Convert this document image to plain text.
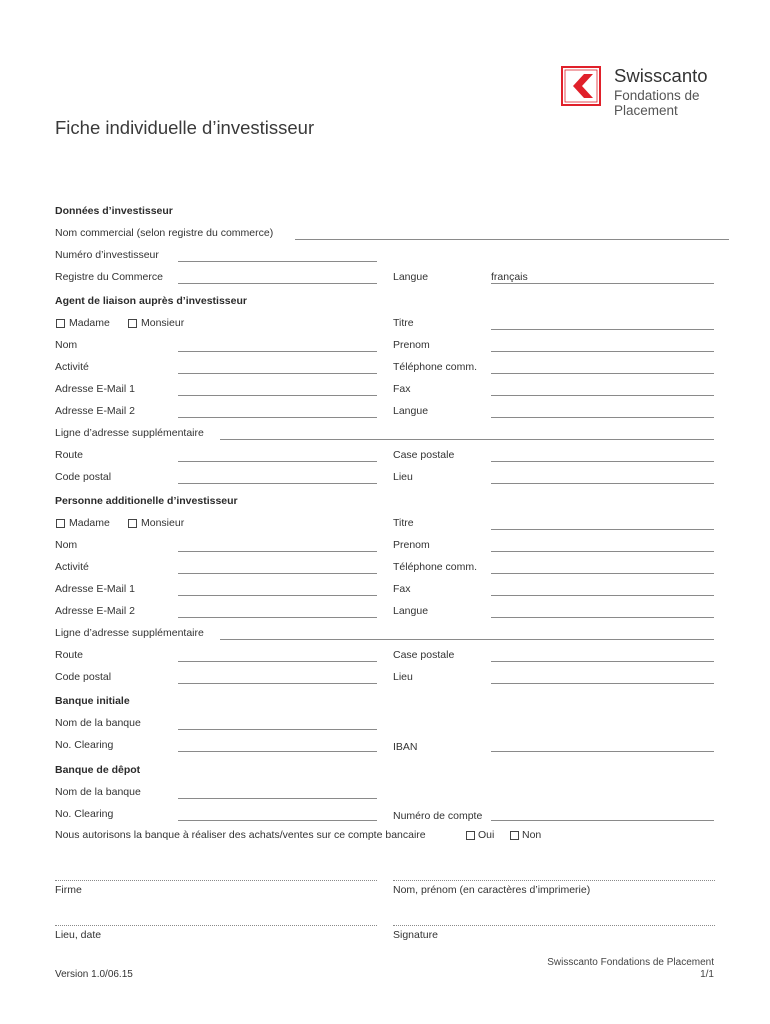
Swisscanto
Fondations de
Placement
Fiche individuelle d’investisseur
Données d’investisseur
Nom commercial (selon registre du commerce)
Numéro d’investisseur
Registre du Commerce	Langue	français
Agent de liaison auprès d’investisseur
Madame	Monsieur	Titre
Nom	Prenom
Activité	Téléphone comm.
Adresse E-Mail 1	Fax
Adresse E-Mail 2	Langue
Ligne d’adresse supplémentaire
Route	Case postale
Code postal	Lieu
Personne additionelle d’investisseur
Madame	Monsieur	Titre
Nom	Prenom
Activité	Téléphone comm.
Adresse E-Mail 1	Fax
Adresse E-Mail 2	Langue
Ligne d’adresse supplémentaire
Route	Case postale
Code postal	Lieu
Banque initiale
Nom de la banque
No. Clearing	IBAN
Banque de dêpot
Nom de la banque
No. Clearing	Numéro de compte
Nous autorisons la banque à réaliser des achats/ventes sur ce compte bancaire	Oui	Non
Firme	Nom, prénom (en caractères d’imprimerie)
Lieu, date	Signature
Version 1.0/06.15
Swisscanto Fondations de Placement
1/1
